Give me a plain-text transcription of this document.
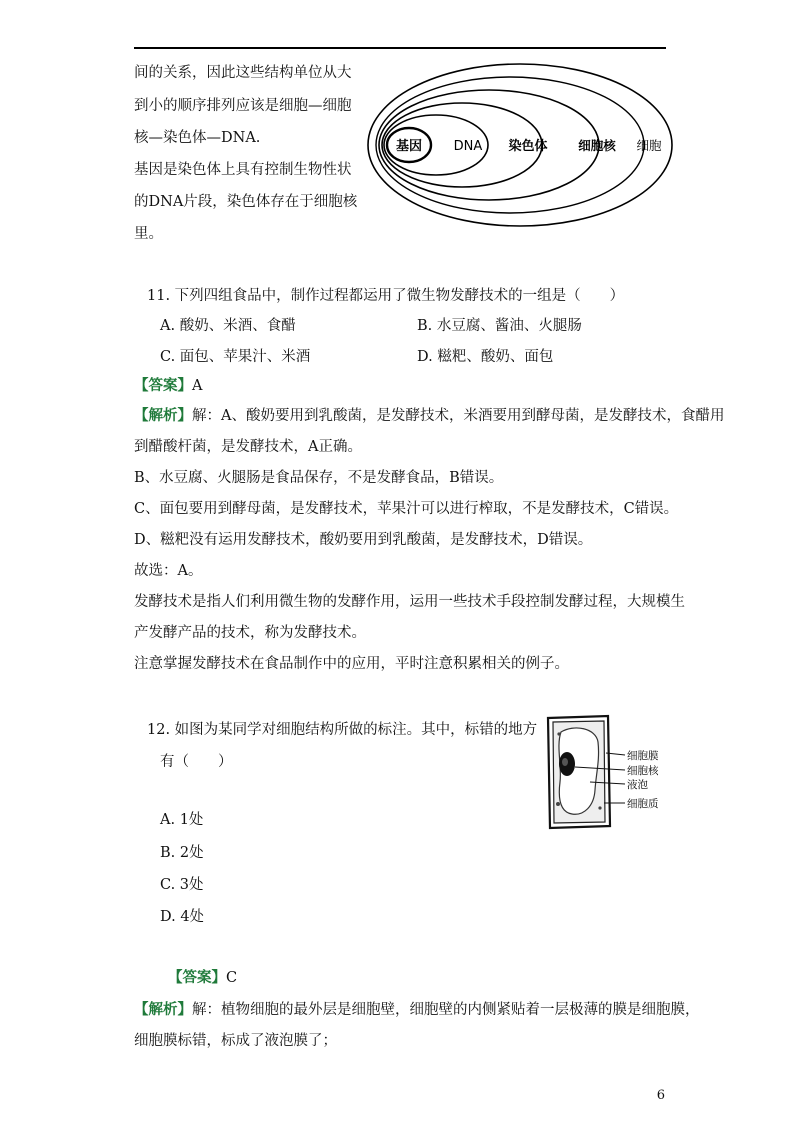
间的关系，因此这些结构单位从大
到小的顺序排列应该是细胞—细胞
核—染色体—DNA.
基因是染色体上具有控制生物性状
的DNA片段，染色体存在于细胞核
里。
基因 DNA 染色体 细胞核 细胞
11. 下列四组食品中，制作过程都运用了微生物发酵技术的一组是（　　）
A. 酸奶、米酒、食醋	B. 水豆腐、酱油、火腿肠
C. 面包、苹果汁、米酒	D. 糍粑、酸奶、面包
【答案】A
【解析】解：A、酸奶要用到乳酸菌，是发酵技术，米酒要用到酵母菌，是发酵技术，食醋用
到醋酸杆菌，是发酵技术，A正确。
B、水豆腐、火腿肠是食品保存，不是发酵食品，B错误。
C、面包要用到酵母菌，是发酵技术，苹果汁可以进行榨取，不是发酵技术，C错误。
D、糍粑没有运用发酵技术，酸奶要用到乳酸菌，是发酵技术，D错误。
故选：A。
发酵技术是指人们利用微生物的发酵作用，运用一些技术手段控制发酵过程，大规模生
产发酵产品的技术，称为发酵技术。
注意掌握发酵技术在食品制作中的应用，平时注意积累相关的例子。
12. 如图为某同学对细胞结构所做的标注。其中，标错的地方
有（　　）
A. 1处
B. 2处
C. 3处
D. 4处
【答案】C
【解析】解：植物细胞的最外层是细胞壁，细胞壁的内侧紧贴着一层极薄的膜是细胞膜，
细胞膜标错，标成了液泡膜了；
细胞膜
细胞核
液泡
细胞质
6
